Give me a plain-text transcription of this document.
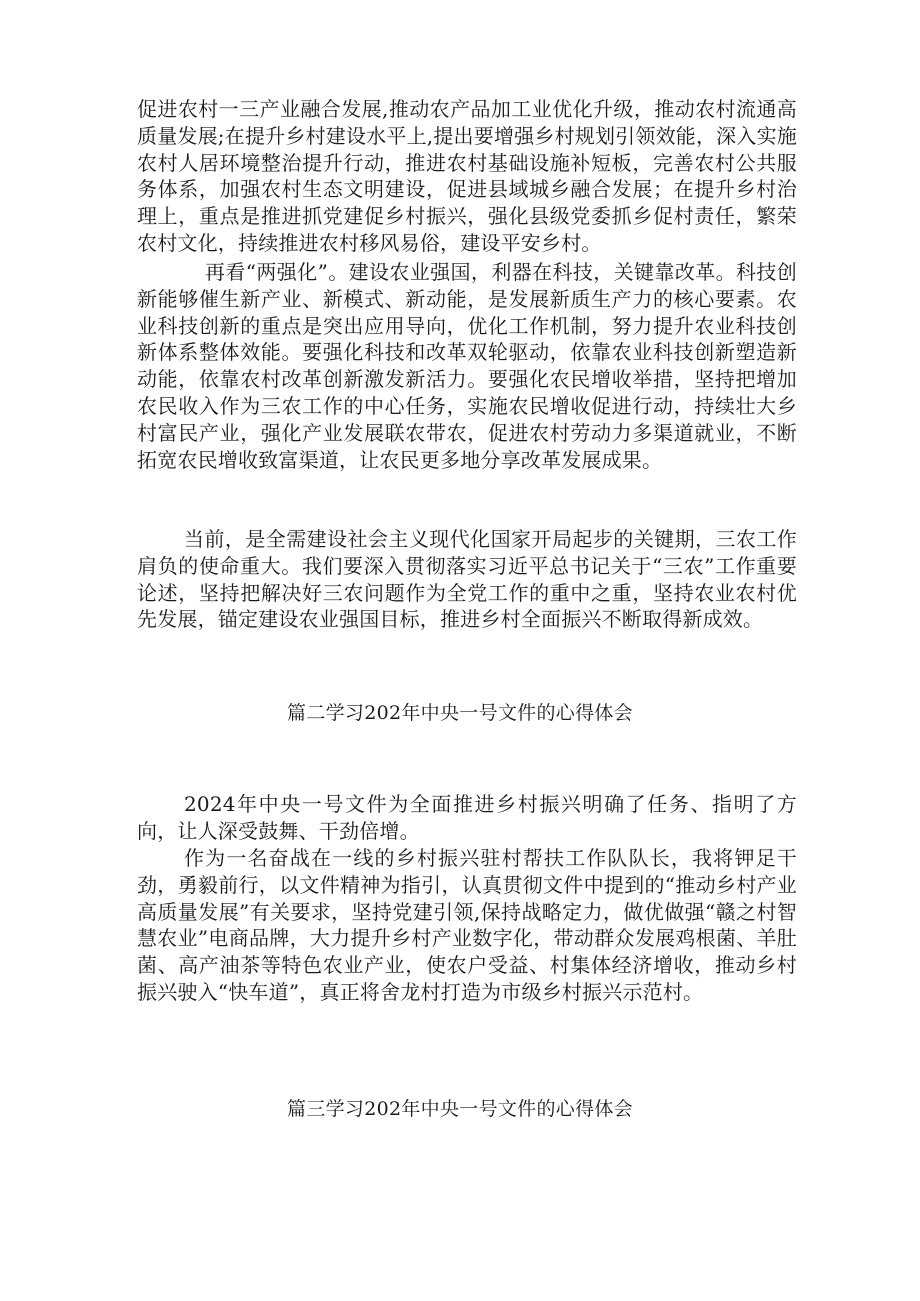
促进农村一三产业融合发展,推动农产品加工业优化升级，推动农村流通高质量发展;在提升乡村建设水平上,提出要增强乡村规划引领效能，深入实施农村人居环境整治提升行动，推进农村基础设施补短板，完善农村公共服务体系，加强农村生态文明建设，促进县域城乡融合发展；在提升乡村治理上，重点是推进抓党建促乡村振兴，强化县级党委抓乡促村责任，繁荣农村文化，持续推进农村移风易俗，建设平安乡村。

再看“两强化”。建设农业强国，利器在科技，关键靠改革。科技创新能够催生新产业、新模式、新动能，是发展新质生产力的核心要素。农业科技创新的重点是突出应用导向，优化工作机制，努力提升农业科技创新体系整体效能。要强化科技和改革双轮驱动，依靠农业科技创新塑造新动能，依靠农村改革创新激发新活力。要强化农民增收举措，坚持把增加农民收入作为三农工作的中心任务，实施农民增收促进行动，持续壮大乡村富民产业，强化产业发展联农带农，促进农村劳动力多渠道就业，不断拓宽农民增收致富渠道，让农民更多地分享改革发展成果。

当前，是全需建设社会主义现代化国家开局起步的关键期，三农工作肩负的使命重大。我们要深入贯彻落实习近平总书记关于“三农”工作重要论述，坚持把解决好三农问题作为全党工作的重中之重，坚持农业农村优先发展，锚定建设农业强国目标，推进乡村全面振兴不断取得新成效。

篇二学习202年中央一号文件的心得体会

2024年中央一号文件为全面推进乡村振兴明确了任务、指明了方向，让人深受鼓舞、干劲倍增。

作为一名奋战在一线的乡村振兴驻村帮扶工作队队长，我将钾足干劲，勇毅前行，以文件精神为指引，认真贯彻文件中提到的“推动乡村产业高质量发展”有关要求，坚持党建引领,保持战略定力，做优做强“赣之村智慧农业”电商品牌，大力提升乡村产业数字化，带动群众发展鸡根菌、羊肚菌、高产油茶等特色农业产业，使农户受益、村集体经济增收，推动乡村振兴驶入“快车道”，真正将舍龙村打造为市级乡村振兴示范村。

篇三学习202年中央一号文件的心得体会
